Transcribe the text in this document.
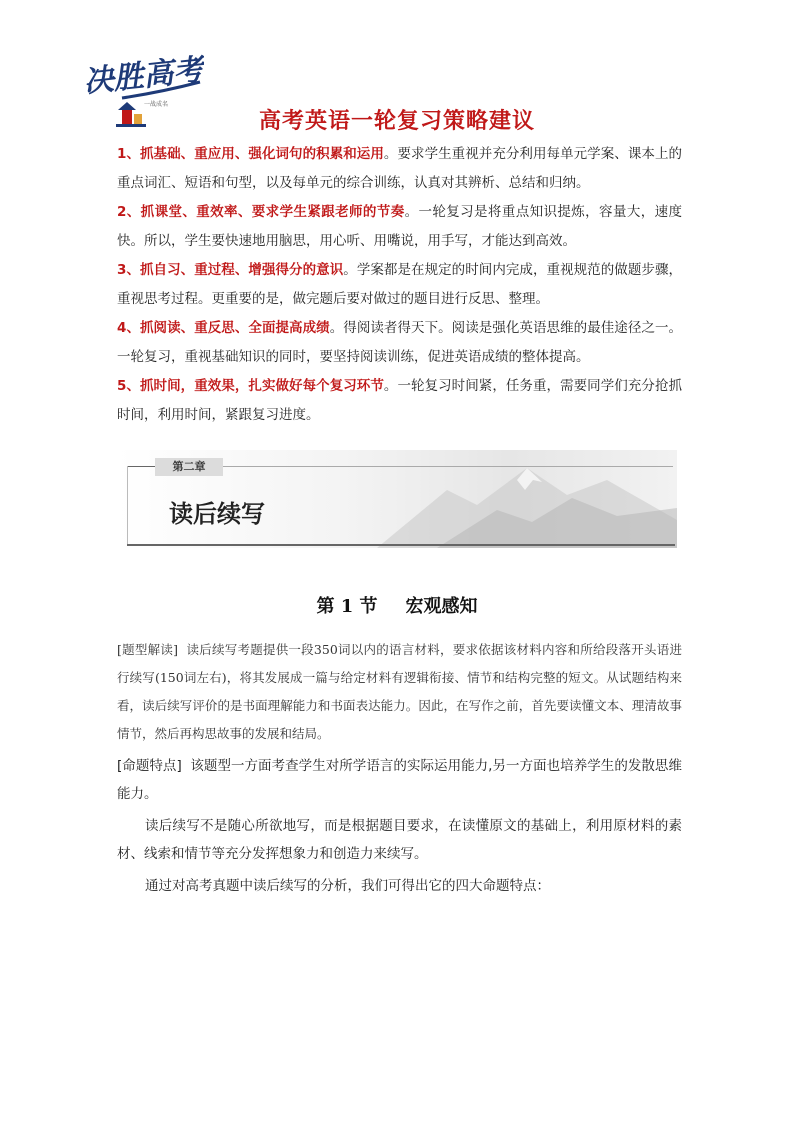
决胜高考
一战成名
高考英语一轮复习策略建议

1、抓基础、重应用、强化词句的积累和运用。要求学生重视并充分利用每单元学案、课本上的重点词汇、短语和句型，以及每单元的综合训练，认真对其辨析、总结和归纳。

2、抓课堂、重效率、要求学生紧跟老师的节奏。一轮复习是将重点知识提炼，容量大，速度快。所以，学生要快速地用脑思，用心听、用嘴说，用手写，才能达到高效。

3、抓自习、重过程、增强得分的意识。学案都是在规定的时间内完成，重视规范的做题步骤，重视思考过程。更重要的是，做完题后要对做过的题目进行反思、整理。

4、抓阅读、重反思、全面提高成绩。得阅读者得天下。阅读是强化英语思维的最佳途径之一。一轮复习，重视基础知识的同时，要坚持阅读训练，促进英语成绩的整体提高。

5、抓时间，重效果，扎实做好每个复习环节。一轮复习时间紧，任务重，需要同学们充分抢抓时间，利用时间，紧跟复习进度。

第二章
读后续写
第 1 节 宏观感知

[题型解读] 读后续写考题提供一段350词以内的语言材料，要求依据该材料内容和所给段落开头语进行续写(150词左右)，将其发展成一篇与给定材料有逻辑衔接、情节和结构完整的短文。从试题结构来看，读后续写评价的是书面理解能力和书面表达能力。因此，在写作之前，首先要读懂文本、理清故事情节，然后再构思故事的发展和结局。

[命题特点] 该题型一方面考查学生对所学语言的实际运用能力,另一方面也培养学生的发散思维能力。

读后续写不是随心所欲地写，而是根据题目要求，在读懂原文的基础上，利用原材料的素材、线索和情节等充分发挥想象力和创造力来续写。

通过对高考真题中读后续写的分析，我们可得出它的四大命题特点：
